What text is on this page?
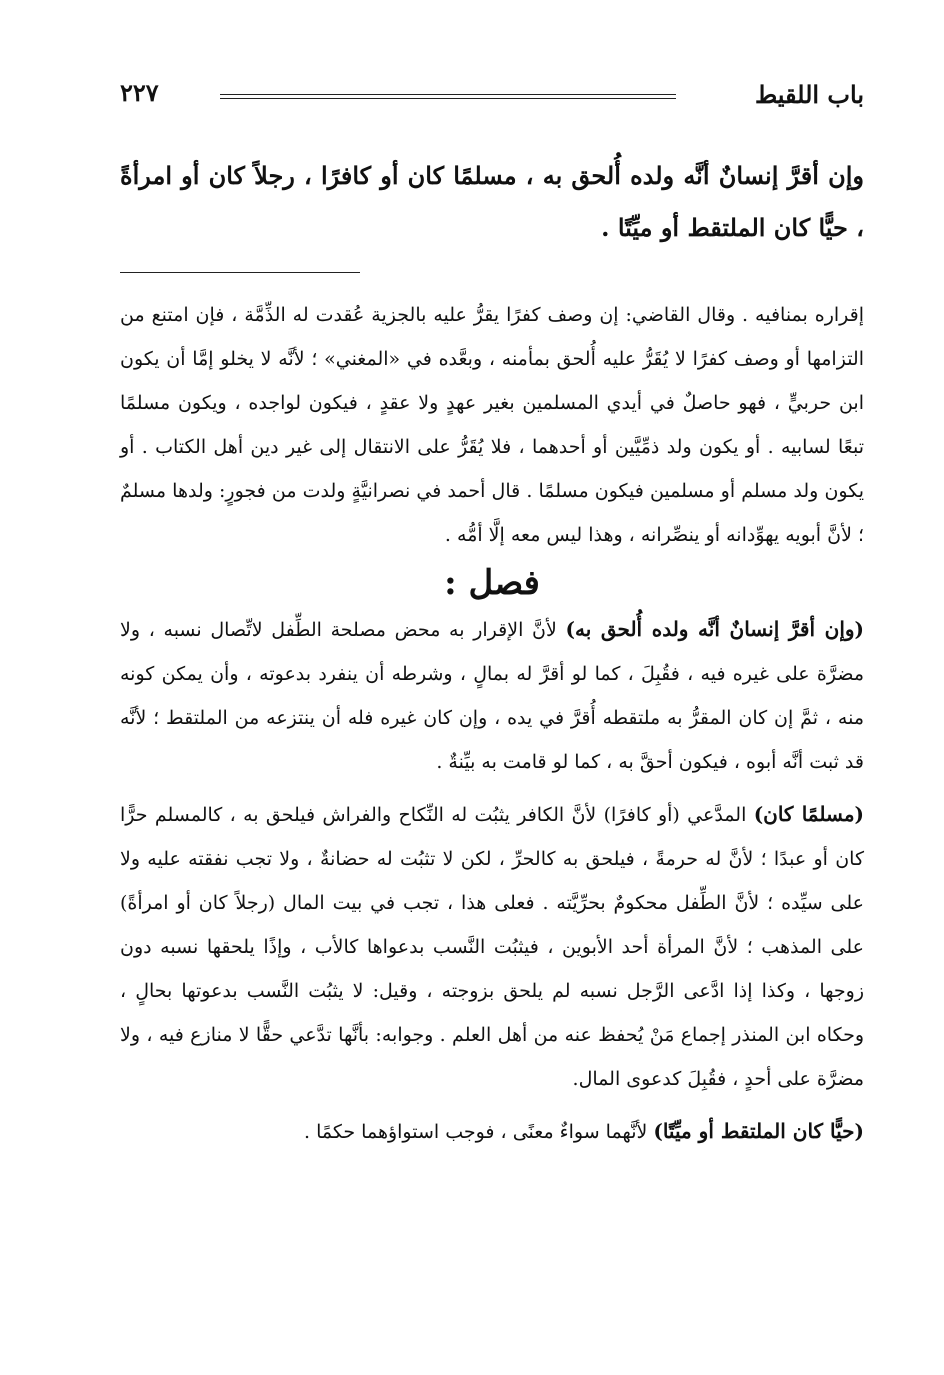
باب اللقيط
٢٢٧

وإن أقرَّ إنسانٌ أنَّه ولده أُلحق به ، مسلمًا كان أو كافرًا ، رجلاً كان أو امرأةً ، حيًّا كان الملتقط أو ميِّتًا .

إقراره بمنافيه . وقال القاضي: إن وصف كفرًا يقرُّ عليه بالجزية عُقدت له الذِّمَّة ، فإن امتنع من التزامها أو وصف كفرًا لا يُقَرُّ عليه أُلحق بمأمنه ، وبعَّده في «المغني» ؛ لأنَّه لا يخلو إمَّا أن يكون ابن حربيٍّ ، فهو حاصلٌ في أيدي المسلمين بغير عهدٍ ولا عقدٍ ، فيكون لواجده ، ويكون مسلمًا تبعًا لسابيه . أو يكون ولد ذمِّيَّين أو أحدهما ، فلا يُقَرُّ على الانتقال إلى غير دين أهل الكتاب . أو يكون ولد مسلم أو مسلمين فيكون مسلمًا . قال أحمد في نصرانيَّةٍ ولدت من فجورٍ: ولدها مسلمٌ ؛ لأنَّ أبويه يهوِّدانه أو ينصِّرانه ، وهذا ليس معه إلَّا أمُّه .

فصل :

(وإن أقرَّ إنسانٌ أنَّه ولده أُلحق به) لأنَّ الإقرار به محض مصلحة الطِّفل لاتِّصال نسبه ، ولا مضرَّة على غيره فيه ، فقُبِلَ ، كما لو أقرَّ له بمالٍ ، وشرطه أن ينفرد بدعوته ، وأن يمكن كونه منه ، ثمَّ إن كان المقرُّ به ملتقطه أُقرَّ في يده ، وإن كان غيره فله أن ينتزعه من الملتقط ؛ لأنَّه قد ثبت أنَّه أبوه ، فيكون أحقَّ به ، كما لو قامت به بيِّنةٌ .

(مسلمًا كان) المدَّعي (أو كافرًا) لأنَّ الكافر يثبُت له النِّكاح والفراش فيلحق به ، كالمسلم حرًّا كان أو عبدًا ؛ لأنَّ له حرمةً ، فيلحق به كالحرِّ ، لكن لا تثبُت له حضانةٌ ، ولا تجب نفقته عليه ولا على سيِّده ؛ لأنَّ الطِّفل محكومٌ بحرِّيَّته . فعلى هذا ، تجب في بيت المال (رجلاً كان أو امرأةً) على المذهب ؛ لأنَّ المرأة أحد الأبوين ، فيثبُت النَّسب بدعواها كالأب ، وإذًا يلحقها نسبه دون زوجها ، وكذا إذا ادَّعى الرَّجل نسبه لم يلحق بزوجته ، وقيل: لا يثبُت النَّسب بدعوتها بحالٍ ، وحكاه ابن المنذر إجماع مَنْ يُحفظ عنه من أهل العلم . وجوابه: بأنَّها تدَّعي حقًّا لا منازع فيه ، ولا مضرَّة على أحدٍ ، فقُبِلَ كدعوى المال.

(حيًّا كان الملتقط أو ميِّتًا) لأنَّهما سواءٌ معنًى ، فوجب استواؤهما حكمًا .
